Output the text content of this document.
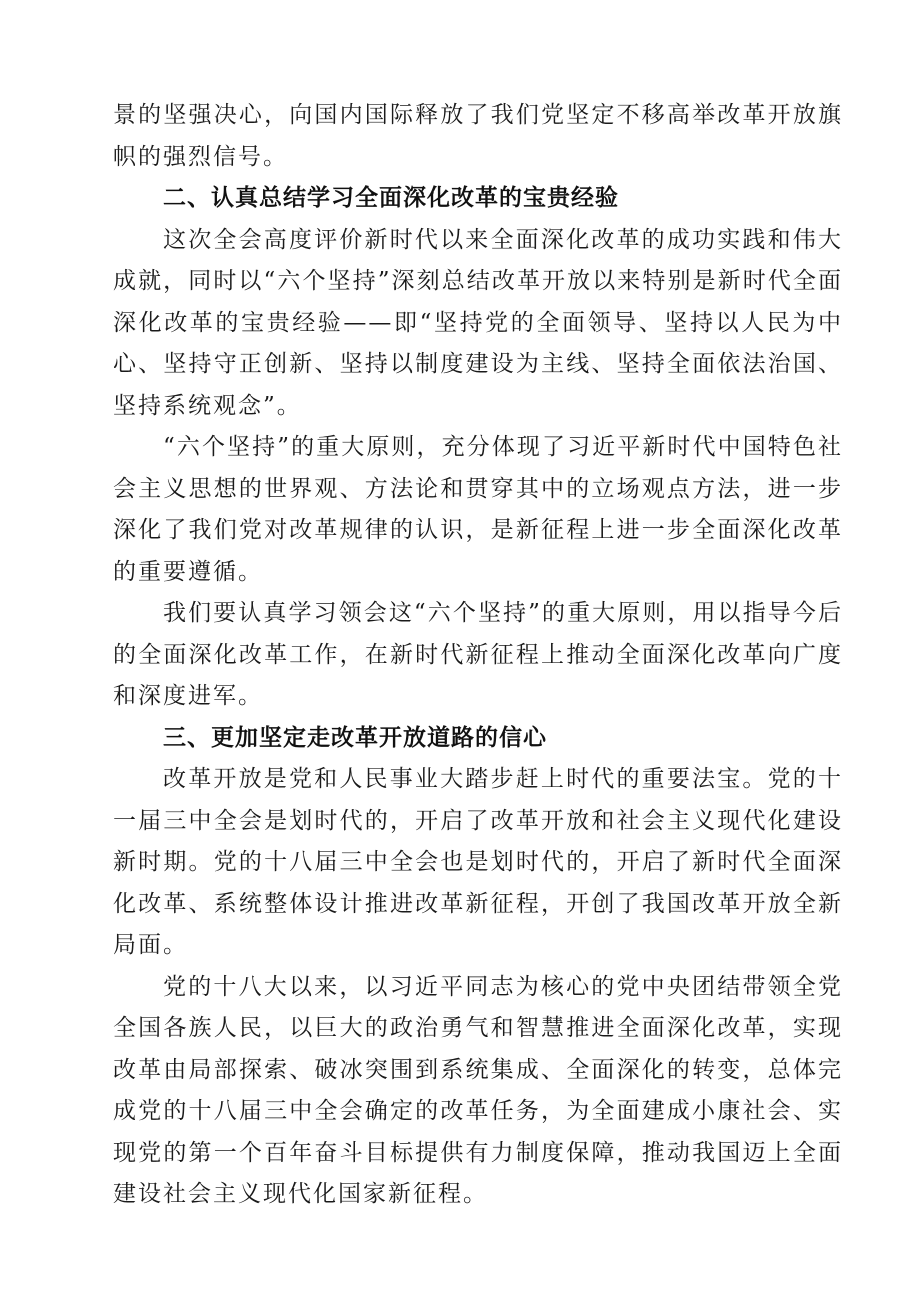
景的坚强决心，向国内国际释放了我们党坚定不移高举改革开放旗帜的强烈信号。

二、认真总结学习全面深化改革的宝贵经验

这次全会高度评价新时代以来全面深化改革的成功实践和伟大成就，同时以“六个坚持”深刻总结改革开放以来特别是新时代全面深化改革的宝贵经验——即“坚持党的全面领导、坚持以人民为中心、坚持守正创新、坚持以制度建设为主线、坚持全面依法治国、坚持系统观念”。

“六个坚持”的重大原则，充分体现了习近平新时代中国特色社会主义思想的世界观、方法论和贯穿其中的立场观点方法，进一步深化了我们党对改革规律的认识，是新征程上进一步全面深化改革的重要遵循。

我们要认真学习领会这“六个坚持”的重大原则，用以指导今后的全面深化改革工作，在新时代新征程上推动全面深化改革向广度和深度进军。

三、更加坚定走改革开放道路的信心

改革开放是党和人民事业大踏步赶上时代的重要法宝。党的十一届三中全会是划时代的，开启了改革开放和社会主义现代化建设新时期。党的十八届三中全会也是划时代的，开启了新时代全面深化改革、系统整体设计推进改革新征程，开创了我国改革开放全新局面。

党的十八大以来，以习近平同志为核心的党中央团结带领全党全国各族人民，以巨大的政治勇气和智慧推进全面深化改革，实现改革由局部探索、破冰突围到系统集成、全面深化的转变，总体完成党的十八届三中全会确定的改革任务，为全面建成小康社会、实现党的第一个百年奋斗目标提供有力制度保障，推动我国迈上全面建设社会主义现代化国家新征程。
